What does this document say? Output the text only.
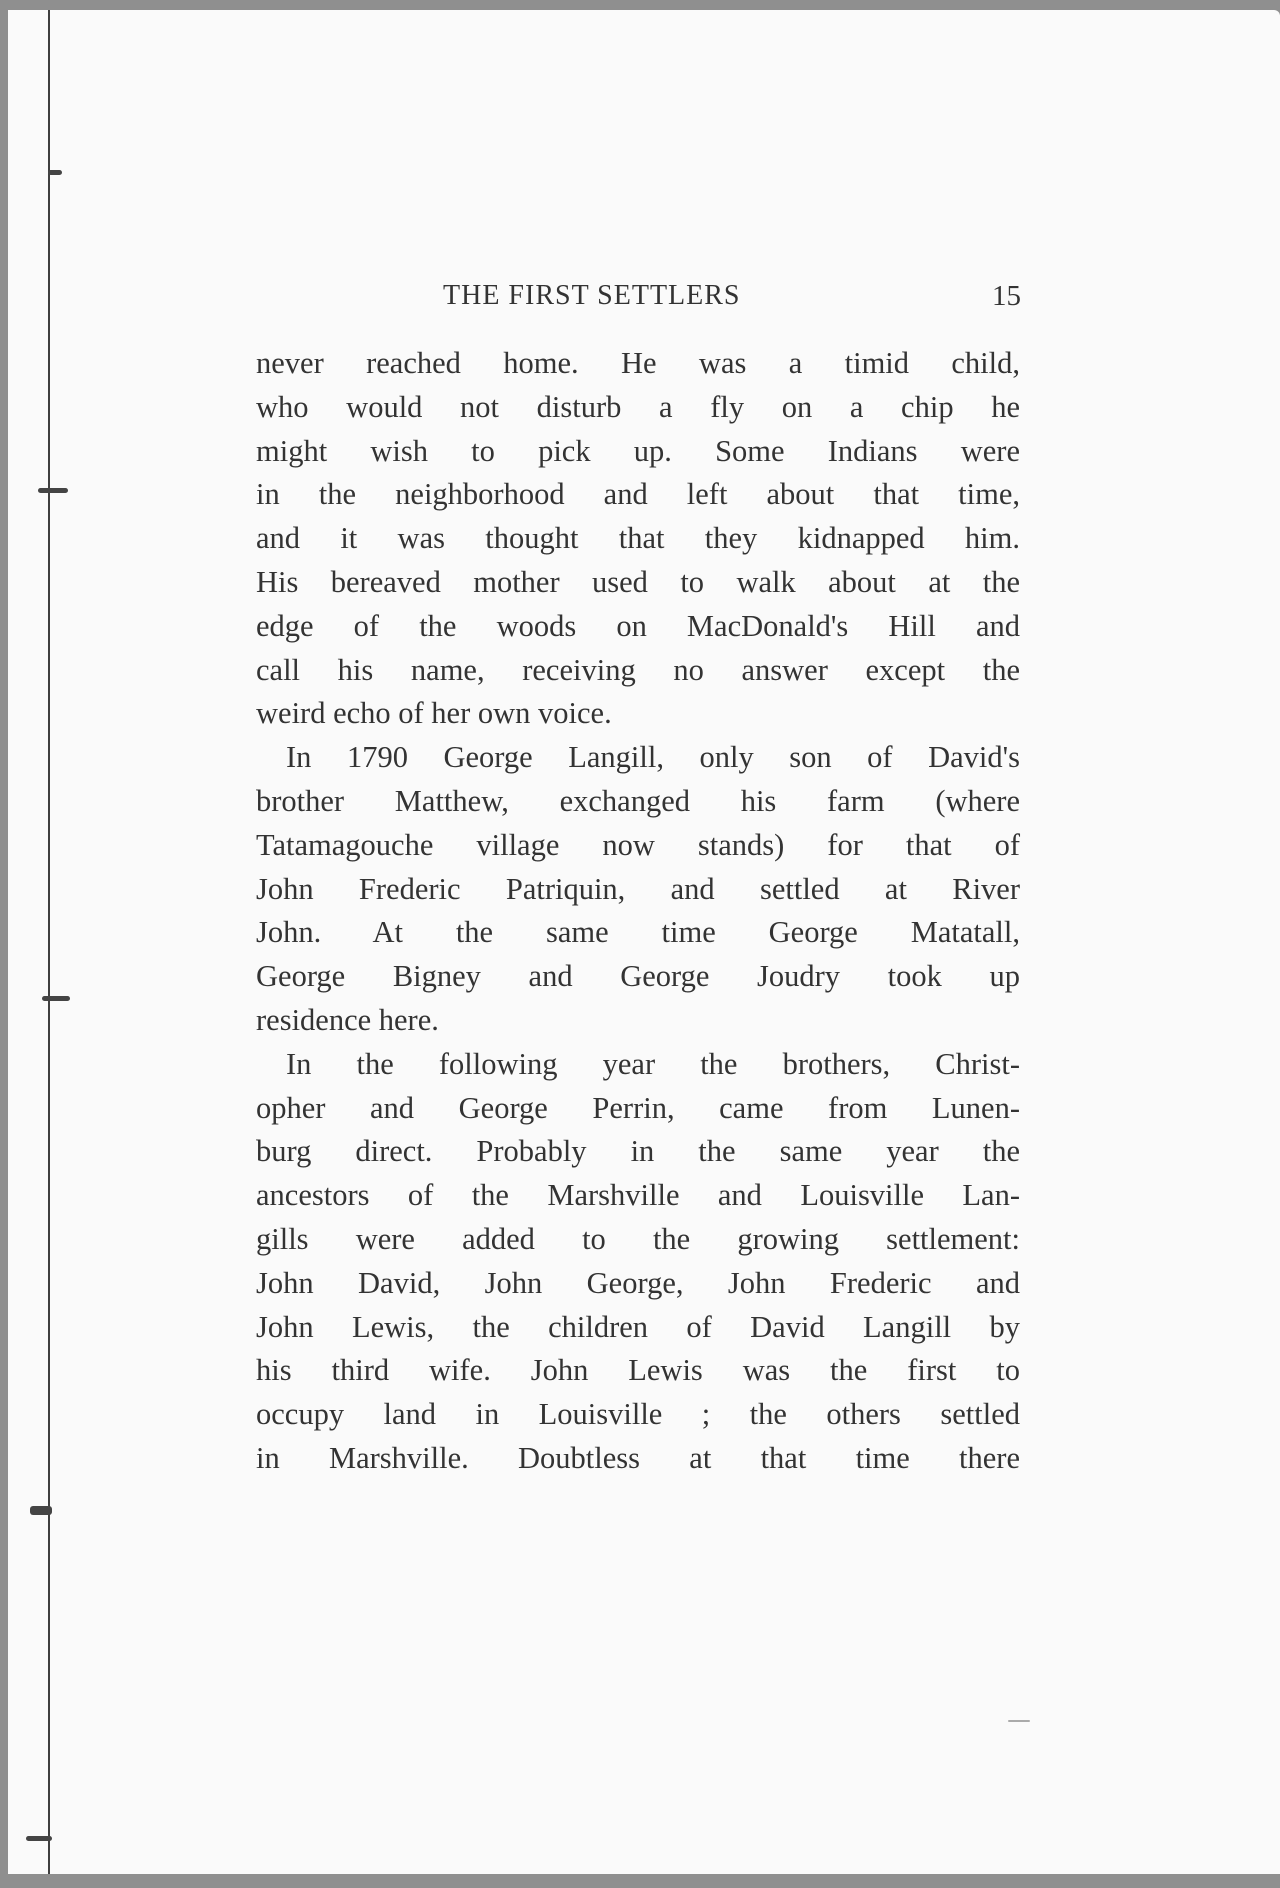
THE FIRST SETTLERS	15
never reached home. He was a timid child,
who would not disturb a fly on a chip he
might wish to pick up. Some Indians were
in the neighborhood and left about that time,
and it was thought that they kidnapped him.
His bereaved mother used to walk about at the
edge of the woods on MacDonald's Hill and
call his name, receiving no answer except the
weird echo of her own voice.
In 1790 George Langill, only son of David's
brother Matthew, exchanged his farm (where
Tatamagouche village now stands) for that of
John Frederic Patriquin, and settled at River
John. At the same time George Matatall,
George Bigney and George Joudry took up
residence here.
In the following year the brothers, Christ-
opher and George Perrin, came from Lunen-
burg direct. Probably in the same year the
ancestors of the Marshville and Louisville Lan-
gills were added to the growing settlement:
John David, John George, John Frederic and
John Lewis, the children of David Langill by
his third wife. John Lewis was the first to
occupy land in Louisville ; the others settled
in Marshville. Doubtless at that time there
